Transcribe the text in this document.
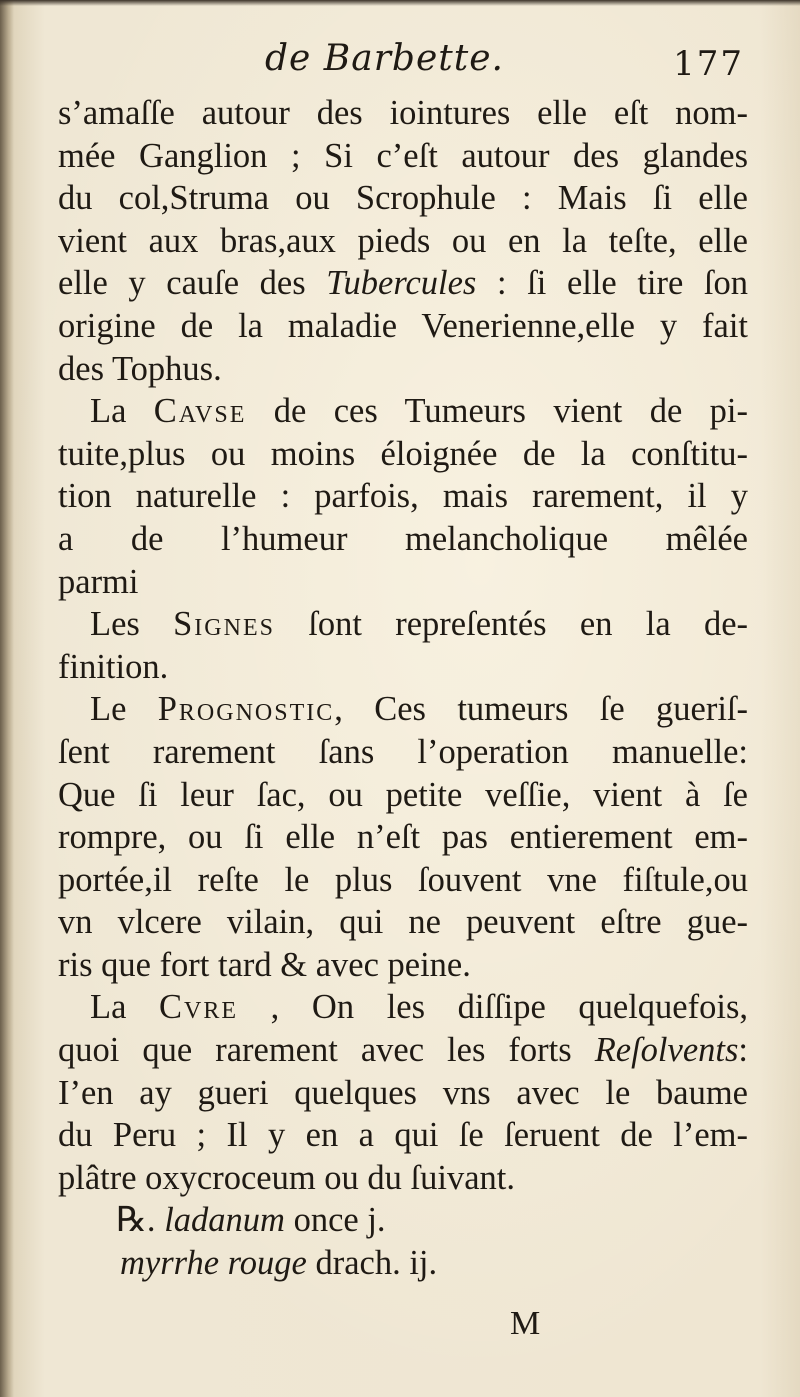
de Barbette.	177
s’amaſſe autour des iointures elle eſt nom-
mée Ganglion ; Si c’eſt autour des glandes
du col,Struma ou Scrophule : Mais ſi elle
vient aux bras,aux pieds ou en la teſte, elle
elle y cauſe des Tubercules : ſi elle tire ſon
origine de la maladie Venerienne,elle y fait
des Tophus.
La Cavse de ces Tumeurs vient de pi-
tuite,plus ou moins éloignée de la conſtitu-
tion naturelle : parfois, mais rarement, il y
a de l’humeur melancholique mêlée
parmi
Les Signes ſont repreſentés en la de-
finition.
Le Prognostic, Ces tumeurs ſe gueriſ-
ſent rarement ſans l’operation manuelle:
Que ſi leur ſac, ou petite veſſie, vient à ſe
rompre, ou ſi elle n’eſt pas entierement em-
portée,il reſte le plus ſouvent vne fiſtule,ou
vn vlcere vilain, qui ne peuvent eſtre gue-
ris que fort tard & avec peine.
La Cvre , On les diſſipe quelquefois,
quoi que rarement avec les forts Reſolvents:
I’en ay gueri quelques vns avec le baume
du Peru ; Il y en a qui ſe ſeruent de l’em-
plâtre oxycroceum ou du ſuivant.
℞. ladanum once j.
myrrhe rouge drach. ij.
M
